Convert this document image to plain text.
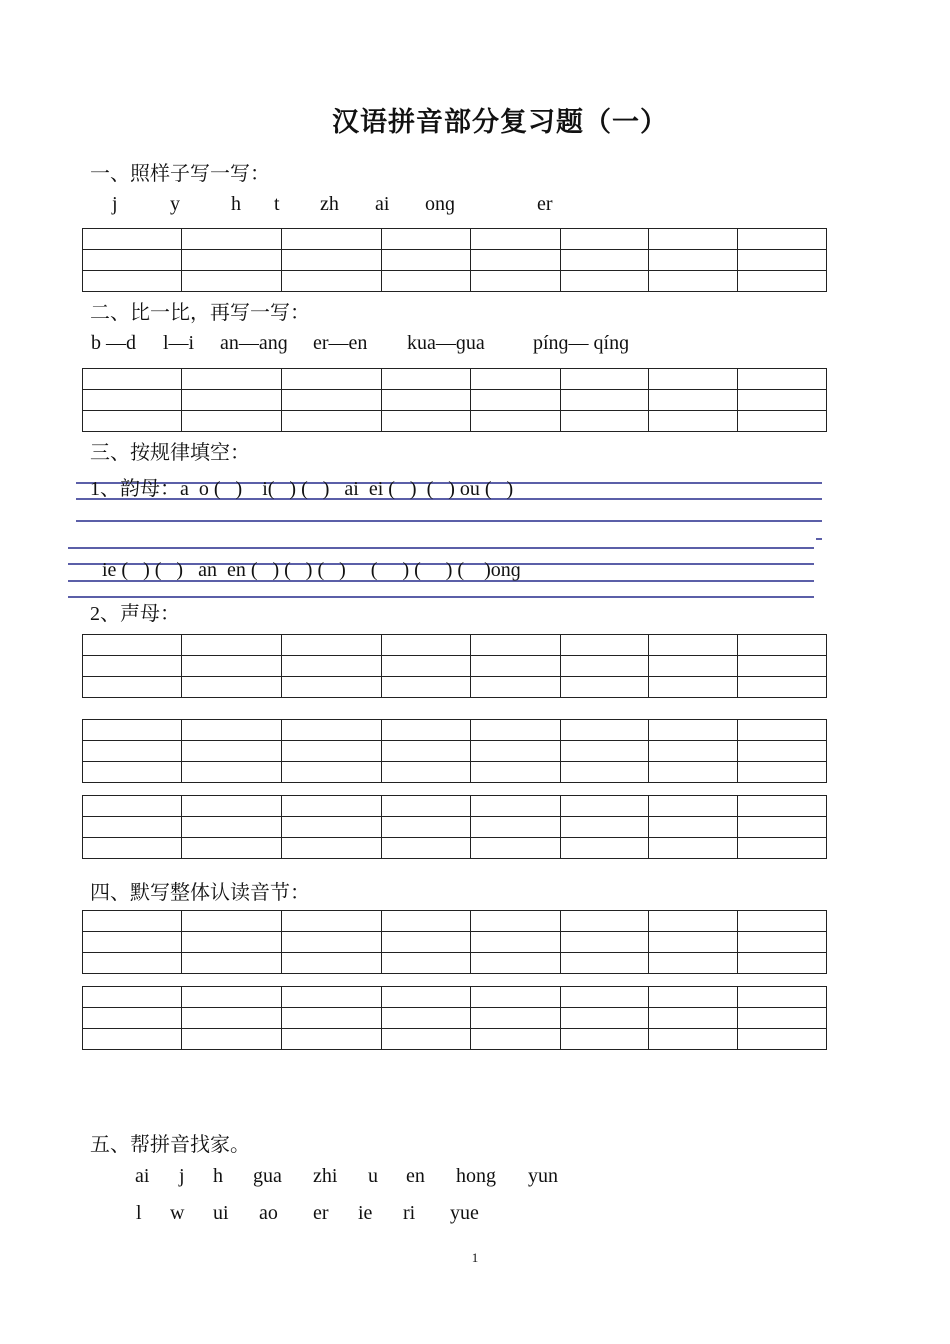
汉语拼音部分复习题（一）
一、照样子写一写：
j	y	h t zh ai onɡ	er

二、比一比，再写一写：
b —d l—i an—anɡ er—en kua—ɡua pínɡ— qínɡ

三、按规律填空：
1、韵母：a  o (   )    i(   ) (   )   ai  ei (   )  (   ) ou (   )
ie (   ) (   )   an  en (   ) (   ) (   )     (     ) (     ) (    )onɡ
2、声母：

四、默写整体认读音节：

五、帮拼音找家。
ai j h gua zhi u en hong yun
l w ui ao er ie ri yue
1
